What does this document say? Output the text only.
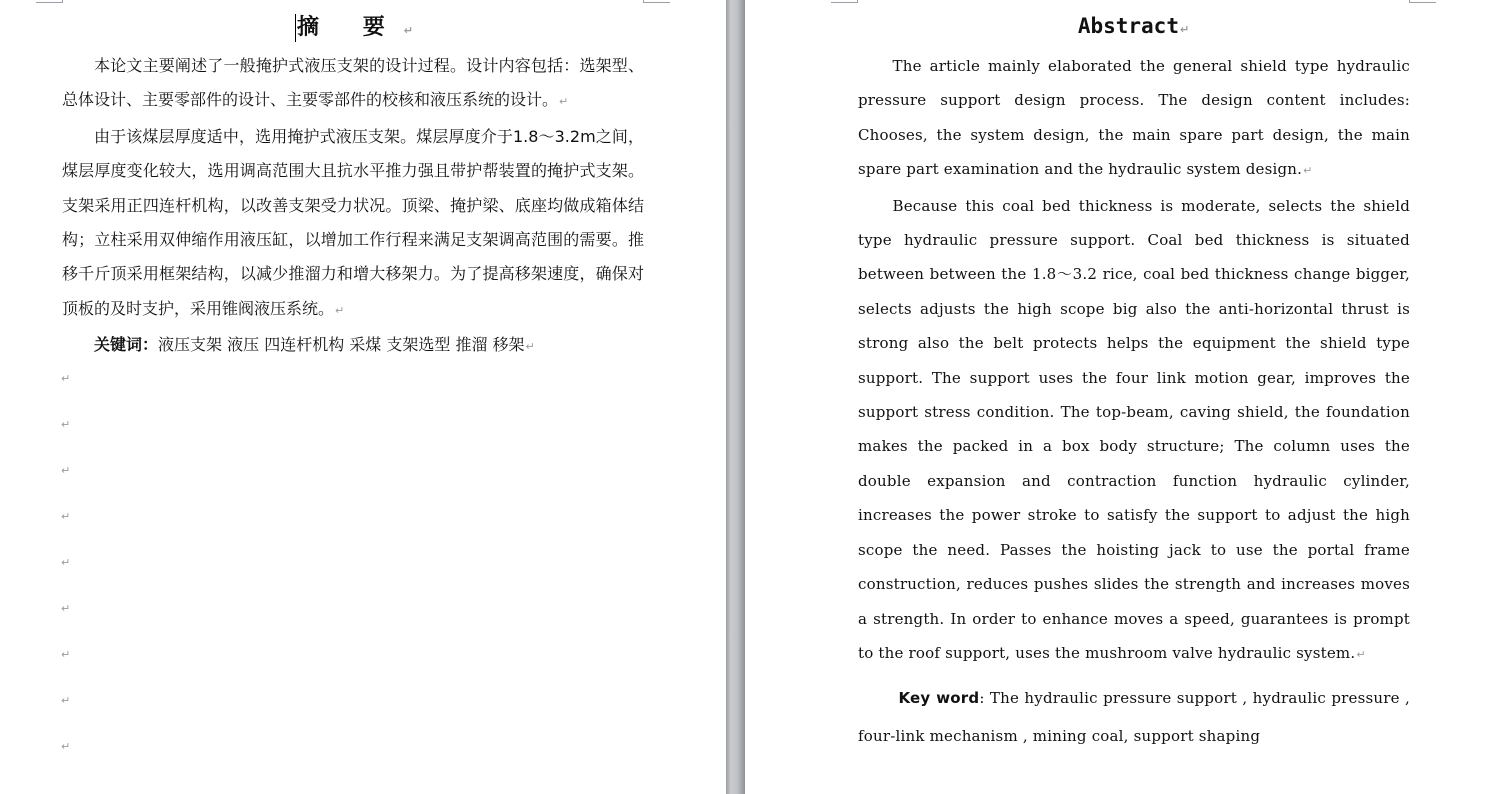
摘 要↵

本论文主要阐述了一般掩护式液压支架的设计过程。设计内容包括：选架型、总体设计、主要零部件的设计、主要零部件的校核和液压系统的设计。↵

由于该煤层厚度适中，选用掩护式液压支架。煤层厚度介于1.8～3.2m之间，煤层厚度变化较大，选用调高范围大且抗水平推力强且带护帮装置的掩护式支架。支架采用正四连杆机构，以改善支架受力状况。顶梁、掩护梁、底座均做成箱体结构；立柱采用双伸缩作用液压缸，以增加工作行程来满足支架调高范围的需要。推移千斤顶采用框架结构，以减少推溜力和增大移架力。为了提高移架速度，确保对顶板的及时支护，采用锥阀液压系统。↵

关键词：液压支架 液压 四连杆机构 采煤 支架选型 推溜 移架↵

↵
↵
↵
↵
↵
↵
↵
↵
↵
Abstract↵

The article mainly elaborated the general shield type hydraulic pressure support design process. The design content includes: Chooses, the system design, the main spare part design, the main spare part examination and the hydraulic system design.↵

Because this coal bed thickness is moderate, selects the shield type hydraulic pressure support. Coal bed thickness is situated between between the 1.8～3.2 rice, coal bed thickness change bigger, selects adjusts the high scope big also the anti-horizontal thrust is strong also the belt protects helps the equipment the shield type support. The support uses the four link motion gear, improves the support stress condition. The top-beam, caving shield, the foundation makes the packed in a box body structure; The column uses the double expansion and contraction function hydraulic cylinder, increases the power stroke to satisfy the support to adjust the high scope the need. Passes the hoisting jack to use the portal frame construction, reduces pushes slides the strength and increases moves a strength. In order to enhance moves a speed, guarantees is prompt to the roof support, uses the mushroom valve hydraulic system.↵

Key word: The hydraulic pressure support , hydraulic pressure , four-link mechanism , mining coal, support shaping
